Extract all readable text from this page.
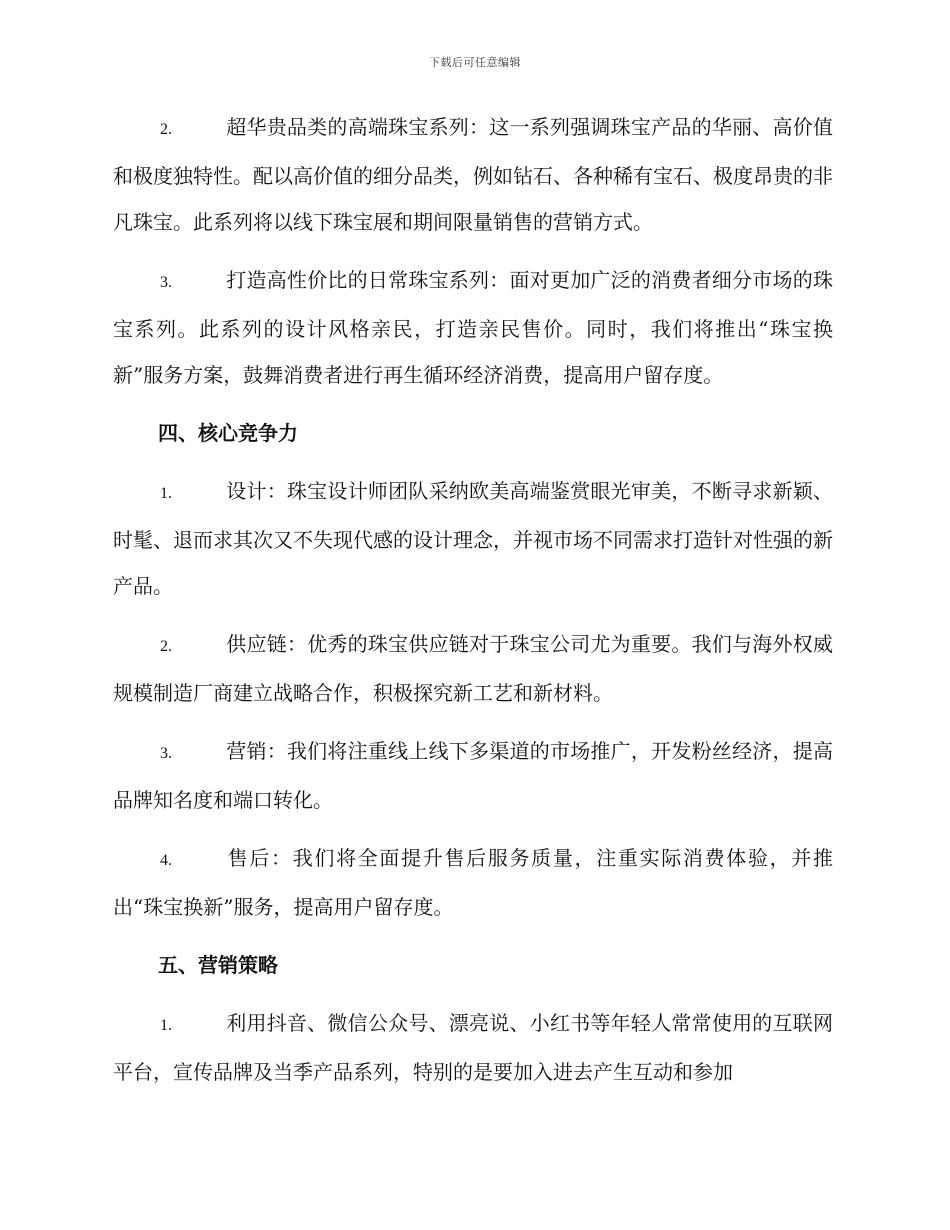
下载后可任意编辑

2.	超华贵品类的高端珠宝系列：这一系列强调珠宝产品的华丽、高价值和极度独特性。配以高价值的细分品类，例如钻石、各种稀有宝石、极度昂贵的非凡珠宝。此系列将以线下珠宝展和期间限量销售的营销方式。

3.	打造高性价比的日常珠宝系列：面对更加广泛的消费者细分市场的珠宝系列。此系列的设计风格亲民，打造亲民售价。同时，我们将推出“珠宝换新”服务方案，鼓舞消费者进行再生循环经济消费，提高用户留存度。

四、核心竞争力

1.	设计：珠宝设计师团队采纳欧美高端鉴赏眼光审美，不断寻求新颖、时髦、退而求其次又不失现代感的设计理念，并视市场不同需求打造针对性强的新产品。

2.	供应链：优秀的珠宝供应链对于珠宝公司尤为重要。我们与海外权威规模制造厂商建立战略合作，积极探究新工艺和新材料。

3.	营销：我们将注重线上线下多渠道的市场推广，开发粉丝经济，提高品牌知名度和端口转化。

4.	售后：我们将全面提升售后服务质量，注重实际消费体验，并推出“珠宝换新”服务，提高用户留存度。

五、营销策略

1.	利用抖音、微信公众号、漂亮说、小红书等年轻人常常使用的互联网平台，宣传品牌及当季产品系列，特别的是要加入进去产生互动和参加
